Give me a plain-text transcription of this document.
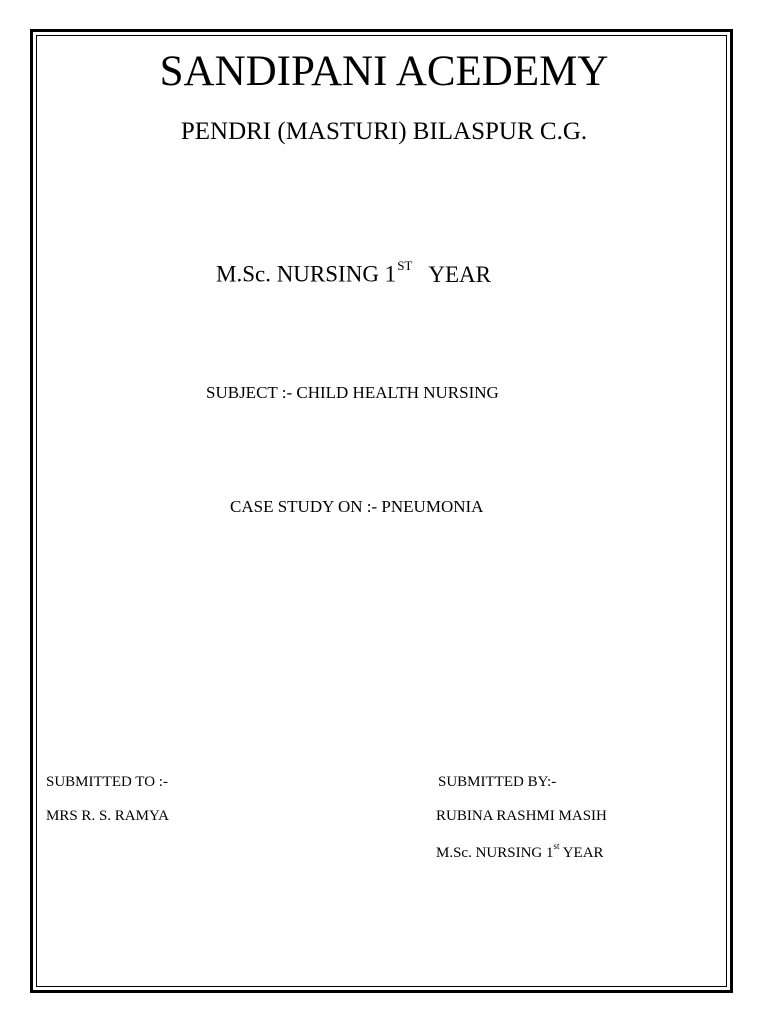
SANDIPANI ACEDEMY
PENDRI (MASTURI) BILASPUR C.G.
M.Sc. NURSING 1ST YEAR
SUBJECT :- CHILD HEALTH NURSING
CASE STUDY ON :- PNEUMONIA
SUBMITTED TO :-
MRS R. S. RAMYA
SUBMITTED BY:-
RUBINA RASHMI MASIH
M.Sc. NURSING 1st YEAR
